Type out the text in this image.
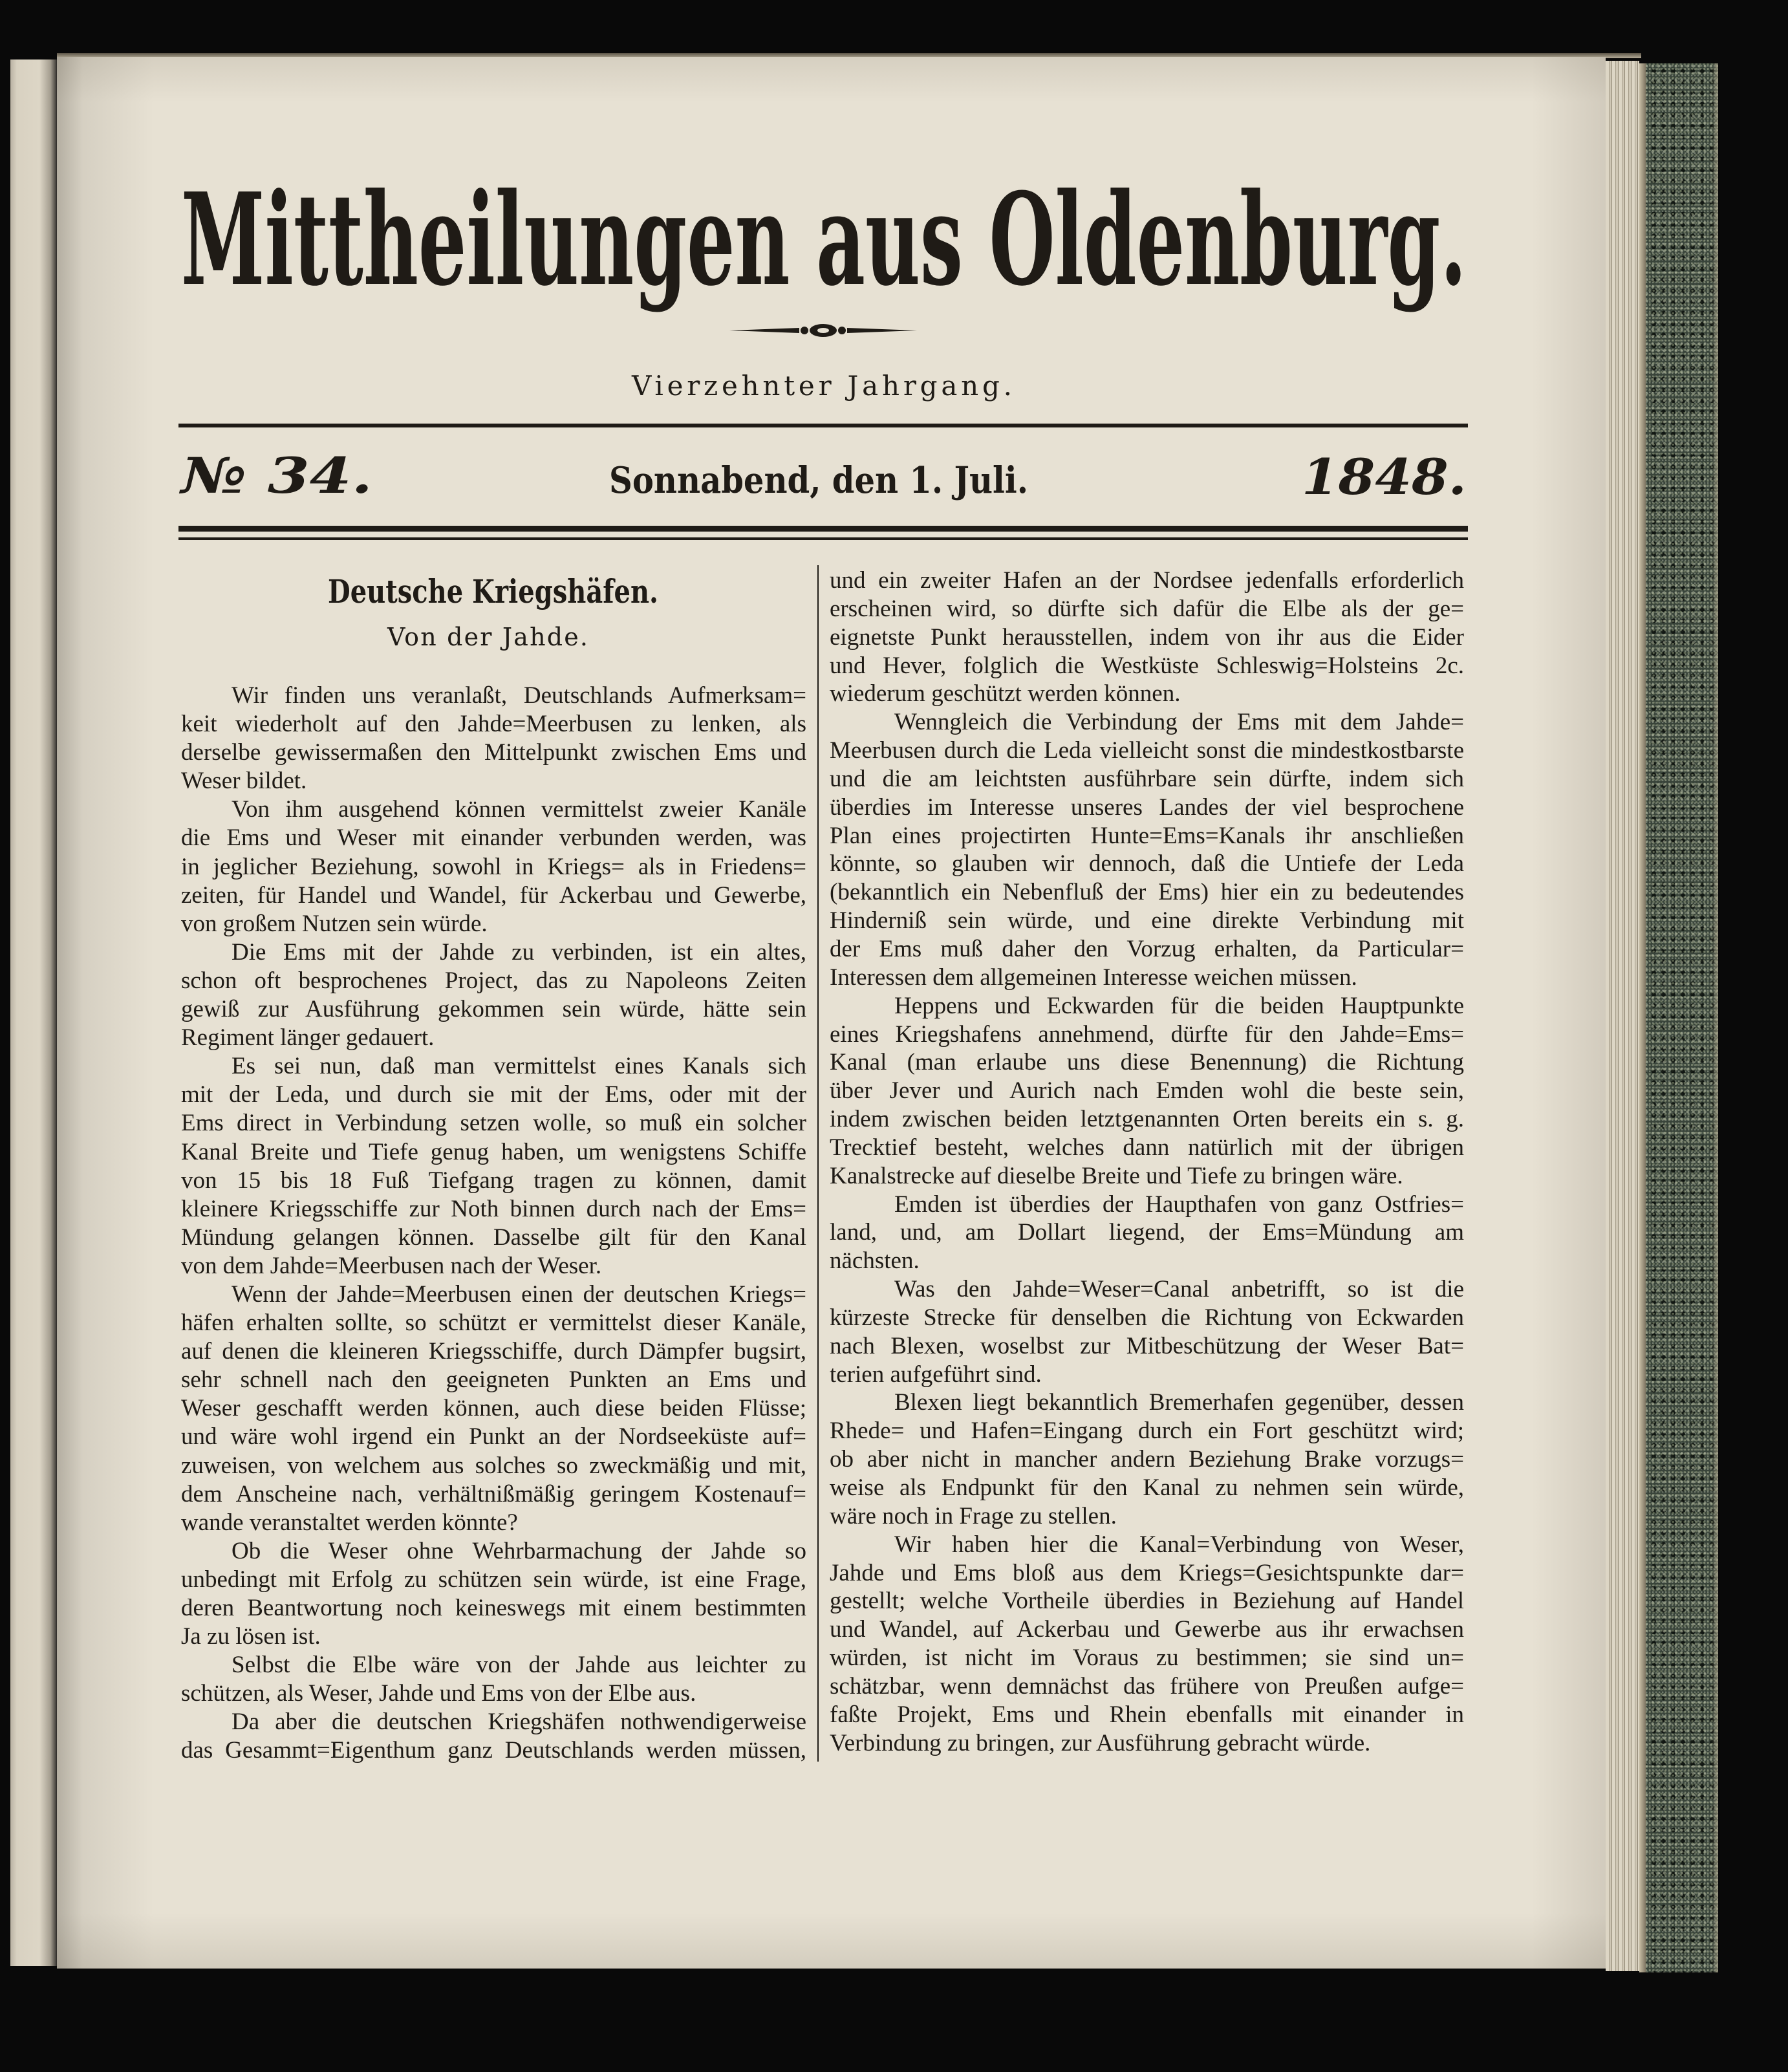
Mittheilungen aus Oldenburg.
Vierzehnter Jahrgang.
№ 34.	Sonnabend, den 1. Juli.	1848.
Deutsche Kriegshäfen.
Von der Jahde.
Wir finden uns veranlaßt, Deutschlands Aufmerksam=
keit wiederholt auf den Jahde=Meerbusen zu lenken, als
derselbe gewissermaßen den Mittelpunkt zwischen Ems und
Weser bildet.
Von ihm ausgehend können vermittelst zweier Kanäle
die Ems und Weser mit einander verbunden werden, was
in jeglicher Beziehung, sowohl in Kriegs= als in Friedens=
zeiten, für Handel und Wandel, für Ackerbau und Gewerbe,
von großem Nutzen sein würde.
Die Ems mit der Jahde zu verbinden, ist ein altes,
schon oft besprochenes Project, das zu Napoleons Zeiten
gewiß zur Ausführung gekommen sein würde, hätte sein
Regiment länger gedauert.
Es sei nun, daß man vermittelst eines Kanals sich
mit der Leda, und durch sie mit der Ems, oder mit der
Ems direct in Verbindung setzen wolle, so muß ein solcher
Kanal Breite und Tiefe genug haben, um wenigstens Schiffe
von 15 bis 18 Fuß Tiefgang tragen zu können, damit
kleinere Kriegsschiffe zur Noth binnen durch nach der Ems=
Mündung gelangen können. Dasselbe gilt für den Kanal
von dem Jahde=Meerbusen nach der Weser.
Wenn der Jahde=Meerbusen einen der deutschen Kriegs=
häfen erhalten sollte, so schützt er vermittelst dieser Kanäle,
auf denen die kleineren Kriegsschiffe, durch Dämpfer bugsirt,
sehr schnell nach den geeigneten Punkten an Ems und
Weser geschafft werden können, auch diese beiden Flüsse;
und wäre wohl irgend ein Punkt an der Nordseeküste auf=
zuweisen, von welchem aus solches so zweckmäßig und mit,
dem Anscheine nach, verhältnißmäßig geringem Kostenauf=
wande veranstaltet werden könnte?
Ob die Weser ohne Wehrbarmachung der Jahde so
unbedingt mit Erfolg zu schützen sein würde, ist eine Frage,
deren Beantwortung noch keineswegs mit einem bestimmten
Ja zu lösen ist.
Selbst die Elbe wäre von der Jahde aus leichter zu
schützen, als Weser, Jahde und Ems von der Elbe aus.
Da aber die deutschen Kriegshäfen nothwendigerweise
das Gesammt=Eigenthum ganz Deutschlands werden müssen,
und ein zweiter Hafen an der Nordsee jedenfalls erforderlich
erscheinen wird, so dürfte sich dafür die Elbe als der ge=
eignetste Punkt herausstellen, indem von ihr aus die Eider
und Hever, folglich die Westküste Schleswig=Holsteins 2c.
wiederum geschützt werden können.
Wenngleich die Verbindung der Ems mit dem Jahde=
Meerbusen durch die Leda vielleicht sonst die mindestkostbarste
und die am leichtsten ausführbare sein dürfte, indem sich
überdies im Interesse unseres Landes der viel besprochene
Plan eines projectirten Hunte=Ems=Kanals ihr anschließen
könnte, so glauben wir dennoch, daß die Untiefe der Leda
(bekanntlich ein Nebenfluß der Ems) hier ein zu bedeutendes
Hinderniß sein würde, und eine direkte Verbindung mit
der Ems muß daher den Vorzug erhalten, da Particular=
Interessen dem allgemeinen Interesse weichen müssen.
Heppens und Eckwarden für die beiden Hauptpunkte
eines Kriegshafens annehmend, dürfte für den Jahde=Ems=
Kanal (man erlaube uns diese Benennung) die Richtung
über Jever und Aurich nach Emden wohl die beste sein,
indem zwischen beiden letztgenannten Orten bereits ein s. g.
Trecktief besteht, welches dann natürlich mit der übrigen
Kanalstrecke auf dieselbe Breite und Tiefe zu bringen wäre.
Emden ist überdies der Haupthafen von ganz Ostfries=
land, und, am Dollart liegend, der Ems=Mündung am
nächsten.
Was den Jahde=Weser=Canal anbetrifft, so ist die
kürzeste Strecke für denselben die Richtung von Eckwarden
nach Blexen, woselbst zur Mitbeschützung der Weser Bat=
terien aufgeführt sind.
Blexen liegt bekanntlich Bremerhafen gegenüber, dessen
Rhede= und Hafen=Eingang durch ein Fort geschützt wird;
ob aber nicht in mancher andern Beziehung Brake vorzugs=
weise als Endpunkt für den Kanal zu nehmen sein würde,
wäre noch in Frage zu stellen.
Wir haben hier die Kanal=Verbindung von Weser,
Jahde und Ems bloß aus dem Kriegs=Gesichtspunkte dar=
gestellt; welche Vortheile überdies in Beziehung auf Handel
und Wandel, auf Ackerbau und Gewerbe aus ihr erwachsen
würden, ist nicht im Voraus zu bestimmen; sie sind un=
schätzbar, wenn demnächst das frühere von Preußen aufge=
faßte Projekt, Ems und Rhein ebenfalls mit einander in
Verbindung zu bringen, zur Ausführung gebracht würde.
